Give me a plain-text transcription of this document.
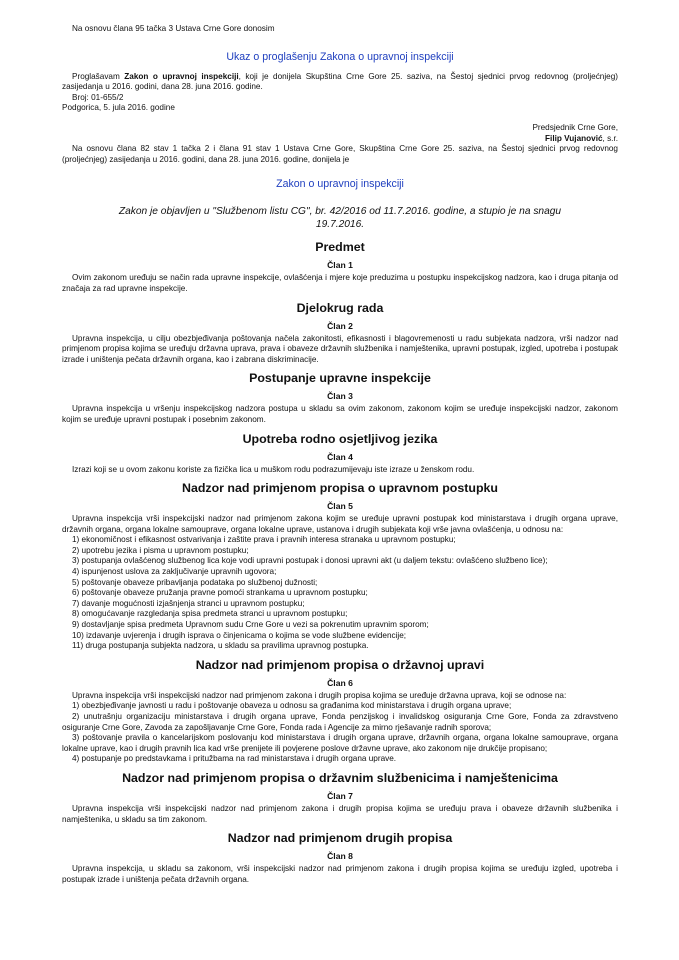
Na osnovu člana 95 tačka 3 Ustava Crne Gore donosim

Ukaz o proglašenju Zakona o upravnoj inspekciji

Proglašavam Zakon o upravnoj inspekciji, koji je donijela Skupština Crne Gore 25. saziva, na Šestoj sjednici prvog redovnog (proljećnjeg) zasijedanja u 2016. godini, dana 28. juna 2016. godine.

Broj: 01-655/2

Podgorica, 5. jula 2016. godine

Predsjednik Crne Gore,

Filip Vujanović, s.r.

Na osnovu člana 82 stav 1 tačka 2 i člana 91 stav 1 Ustava Crne Gore, Skupština Crne Gore 25. saziva, na Šestoj sjednici prvog redovnog (proljećnjeg) zasijedanja u 2016. godini, dana 28. juna 2016. godine, donijela je

Zakon o upravnoj inspekciji

Zakon je objavljen u "Službenom listu CG", br. 42/2016 od 11.7.2016. godine, a stupio je na snagu 19.7.2016.

Predmet

Član 1

Ovim zakonom uređuju se način rada upravne inspekcije, ovlašćenja i mjere koje preduzima u postupku inspekcijskog nadzora, kao i druga pitanja od značaja za rad upravne inspekcije.

Djelokrug rada

Član 2

Upravna inspekcija, u cilju obezbjeđivanja poštovanja načela zakonitosti, efikasnosti i blagovremenosti u radu subjekata nadzora, vrši nadzor nad primjenom propisa kojima se uređuju državna uprava, prava i obaveze državnih službenika i namještenika, upravni postupak, izgled, upotreba i postupak izrade i uništenja pečata državnih organa, kao i zabrana diskriminacije.

Postupanje upravne inspekcije

Član 3

Upravna inspekcija u vršenju inspekcijskog nadzora postupa u skladu sa ovim zakonom, zakonom kojim se uređuje inspekcijski nadzor, zakonom kojim se uređuje upravni postupak i posebnim zakonom.

Upotreba rodno osjetljivog jezika

Član 4

Izrazi koji se u ovom zakonu koriste za fizička lica u muškom rodu podrazumijevaju iste izraze u ženskom rodu.

Nadzor nad primjenom propisa o upravnom postupku

Član 5

Upravna inspekcija vrši inspekcijski nadzor nad primjenom zakona kojim se uređuje upravni postupak kod ministarstava i drugih organa uprave, državnih organa, organa lokalne samouprave, organa lokalne uprave, ustanova i drugih subjekata koji vrše javna ovlašćenja, u odnosu na:

1) ekonomičnost i efikasnost ostvarivanja i zaštite prava i pravnih interesa stranaka u upravnom postupku;

2) upotrebu jezika i pisma u upravnom postupku;

3) postupanja ovlašćenog službenog lica koje vodi upravni postupak i donosi upravni akt (u daljem tekstu: ovlašćeno službeno lice);

4) ispunjenost uslova za zaključivanje upravnih ugovora;

5) poštovanje obaveze pribavljanja podataka po službenoj dužnosti;

6) poštovanje obaveze pružanja pravne pomoći strankama u upravnom postupku;

7) davanje mogućnosti izjašnjenja stranci u upravnom postupku;

8) omogućavanje razgledanja spisa predmeta stranci u upravnom postupku;

9) dostavljanje spisa predmeta Upravnom sudu Crne Gore u vezi sa pokrenutim upravnim sporom;

10) izdavanje uvjerenja i drugih isprava o činjenicama o kojima se vode službene evidencije;

11) druga postupanja subjekta nadzora, u skladu sa pravilima upravnog postupka.

Nadzor nad primjenom propisa o državnoj upravi

Član 6

Upravna inspekcija vrši inspekcijski nadzor nad primjenom zakona i drugih propisa kojima se uređuje državna uprava, koji se odnose na:

1) obezbjeđivanje javnosti u radu i poštovanje obaveza u odnosu sa građanima kod ministarstava i drugih organa uprave;

2) unutrašnju organizaciju ministarstava i drugih organa uprave, Fonda penzijskog i invalidskog osiguranja Crne Gore, Fonda za zdravstveno osiguranje Crne Gore, Zavoda za zapošljavanje Crne Gore, Fonda rada i Agencije za mirno rješavanje radnih sporova;

3) poštovanje pravila o kancelarijskom poslovanju kod ministarstava i drugih organa uprave, državnih organa, organa lokalne samouprave, organa lokalne uprave, kao i drugih pravnih lica kad vrše prenijete ili povjerene poslove državne uprave, ako zakonom nije drukčije propisano;

4) postupanje po predstavkama i pritužbama na rad ministarstava i drugih organa uprave.

Nadzor nad primjenom propisa o državnim službenicima i namještenicima

Član 7

Upravna inspekcija vrši inspekcijski nadzor nad primjenom zakona i drugih propisa kojima se uređuju prava i obaveze državnih službenika i namještenika, u skladu sa tim zakonom.

Nadzor nad primjenom drugih propisa

Član 8

Upravna inspekcija, u skladu sa zakonom, vrši inspekcijski nadzor nad primjenom zakona i drugih propisa kojima se uređuju izgled, upotreba i postupak izrade i uništenja pečata državnih organa.
